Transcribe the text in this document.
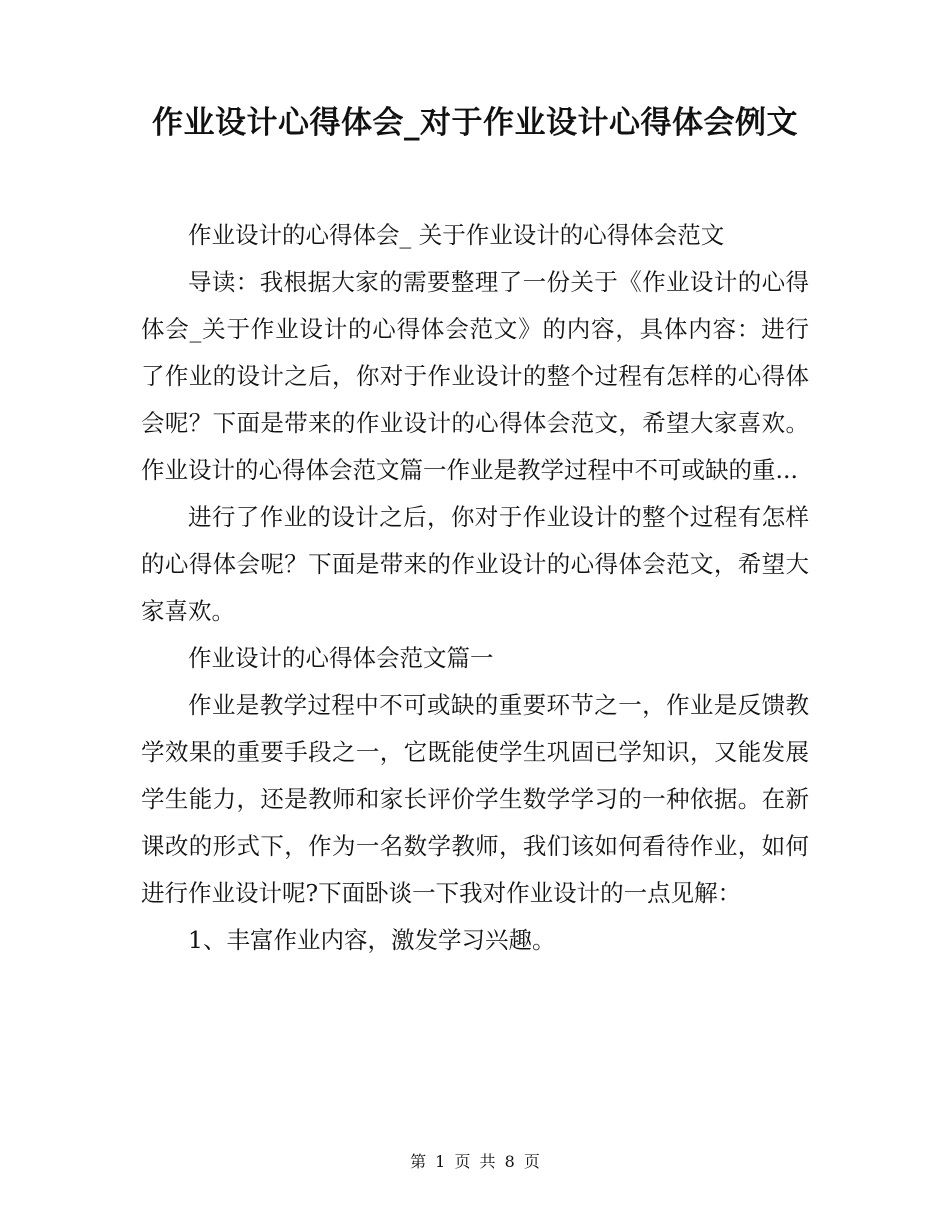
作业设计心得体会_对于作业设计心得体会例文

作业设计的心得体会_ 关于作业设计的心得体会范文

导读：我根据大家的需要整理了一份关于《作业设计的心得体会_关于作业设计的心得体会范文》的内容，具体内容：进行了作业的设计之后，你对于作业设计的整个过程有怎样的心得体会呢？下面是带来的作业设计的心得体会范文，希望大家喜欢。作业设计的心得体会范文篇一作业是教学过程中不可或缺的重...

进行了作业的设计之后，你对于作业设计的整个过程有怎样的心得体会呢？下面是带来的作业设计的心得体会范文，希望大家喜欢。

作业设计的心得体会范文篇一

作业是教学过程中不可或缺的重要环节之一，作业是反馈教学效果的重要手段之一，它既能使学生巩固已学知识，又能发展学生能力，还是教师和家长评价学生数学学习的一种依据。在新课改的形式下，作为一名数学教师，我们该如何看待作业，如何进行作业设计呢?下面卧谈一下我对作业设计的一点见解：

1、丰富作业内容，激发学习兴趣。

第 1 页 共 8 页
